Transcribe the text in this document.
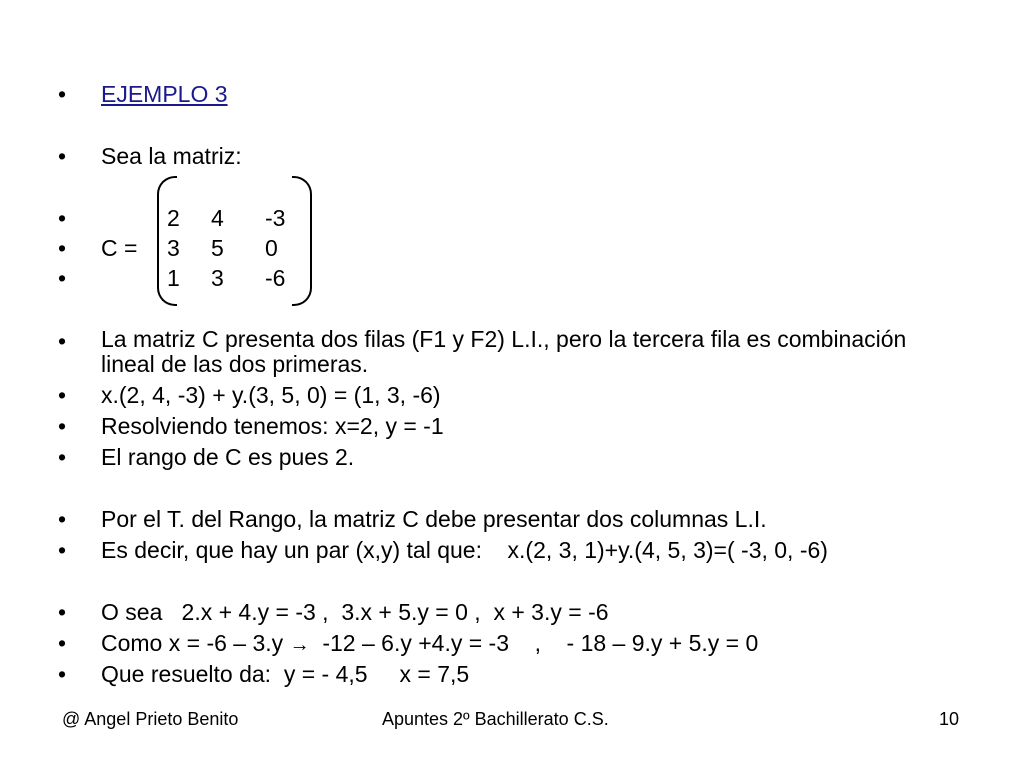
• EJEMPLO 3
• Sea la matriz:
•	2 4 -3
• C = 3 5 0
•	1 3 -6
• La matriz C presenta dos filas (F1 y F2) L.I., pero la tercera fila es combinación lineal de las dos primeras.
• x.(2, 4, -3) + y.(3, 5, 0) = (1, 3, -6)
• Resolviendo tenemos: x=2, y = -1
• El rango de C es pues 2.
• Por el T. del Rango, la matriz C debe presentar dos columnas L.I.
• Es decir, que hay un par (x,y) tal que:    x.(2, 3, 1)+y.(4, 5, 3)=( -3, 0, -6)
• O sea   2.x + 4.y = -3 ,  3.x + 5.y = 0 ,  x + 3.y = -6
• Como x = -6 – 3.y →  -12 – 6.y +4.y = -3    ,    - 18 – 9.y + 5.y = 0
• Que resuelto da:  y = - 4,5     x = 7,5
@ Angel Prieto Benito	Apuntes 2º Bachillerato C.S.	10
